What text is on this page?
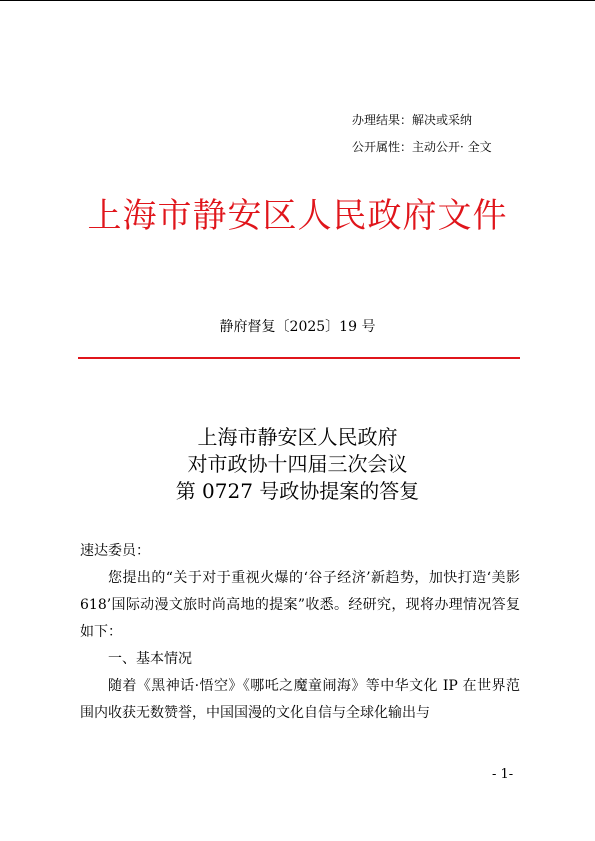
办理结果：解决或采纳
公开属性：主动公开· 全文
上海市静安区人民政府文件
静府督复〔2025〕19 号
上海市静安区人民政府
对市政协十四届三次会议
第 0727 号政协提案的答复

速达委员：

您提出的“关于对于重视火爆的‘谷子经济’新趋势，加快打造‘美影 618’国际动漫文旅时尚高地的提案”收悉。经研究，现将办理情况答复如下：

一、基本情况

随着《黑神话·悟空》《哪吒之魔童闹海》等中华文化 IP 在世界范围内收获无数赞誉，中国国漫的文化自信与全球化输出与

- 1-
